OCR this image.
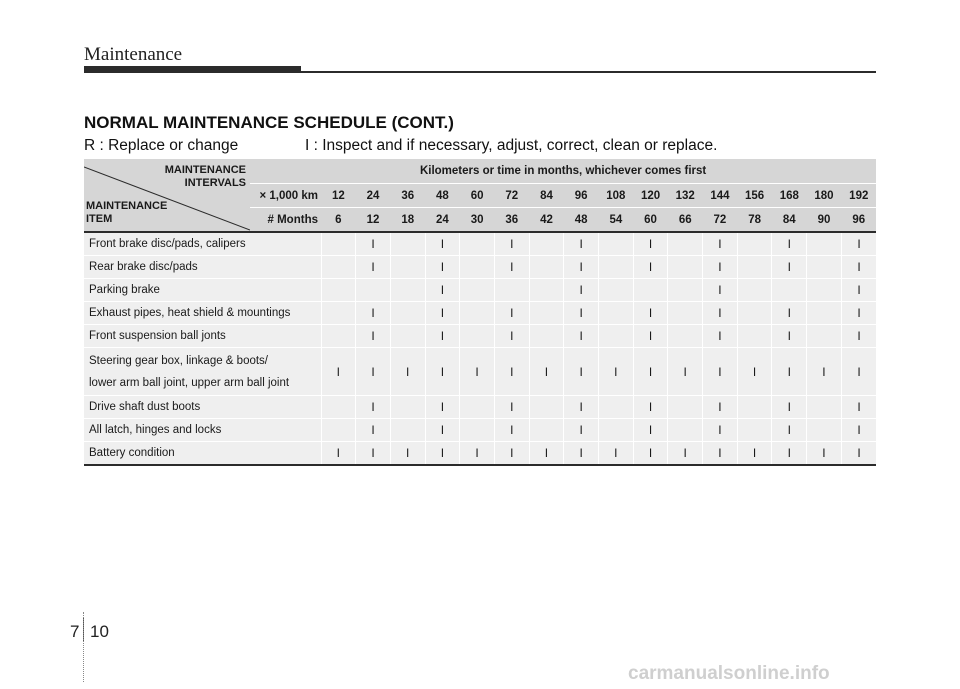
Maintenance
NORMAL MAINTENANCE SCHEDULE (CONT.)
R : Replace or change	I : Inspect and if necessary, adjust, correct, clean or replace.
MAINTENANCE
INTERVALS
MAINTENANCE
ITEM	Kilometers or time in months, whichever comes first																
	× 1,000 km	12	24	36	48	60	72	84	96	108	120	132	144	156	168	180	192
	# Months	6	12	18	24	30	36	42	48	54	60	66	72	78	84	90	96
Front brake disc/pads, calipers			I		I		I		I		I		I		I		I
Rear brake disc/pads			I		I		I		I		I		I		I		I
Parking brake					I				I				I				I
Exhaust pipes, heat shield & mountings			I		I		I		I		I		I		I		I
Front suspension ball jonts			I		I		I		I		I		I		I		I

Steering gear box, linkage & boots/
lower arm ball joint, upper arm ball joint		I	I	I	I	I	I	I	I	I	I	I	I	I	I	I	I
Drive shaft dust boots			I		I		I		I		I		I		I		I
All latch, hinges and locks			I		I		I		I		I		I		I		I
Battery condition		I	I	I	I	I	I	I	I	I	I	I	I	I	I	I	I
7 10
carmanualsonline.info
